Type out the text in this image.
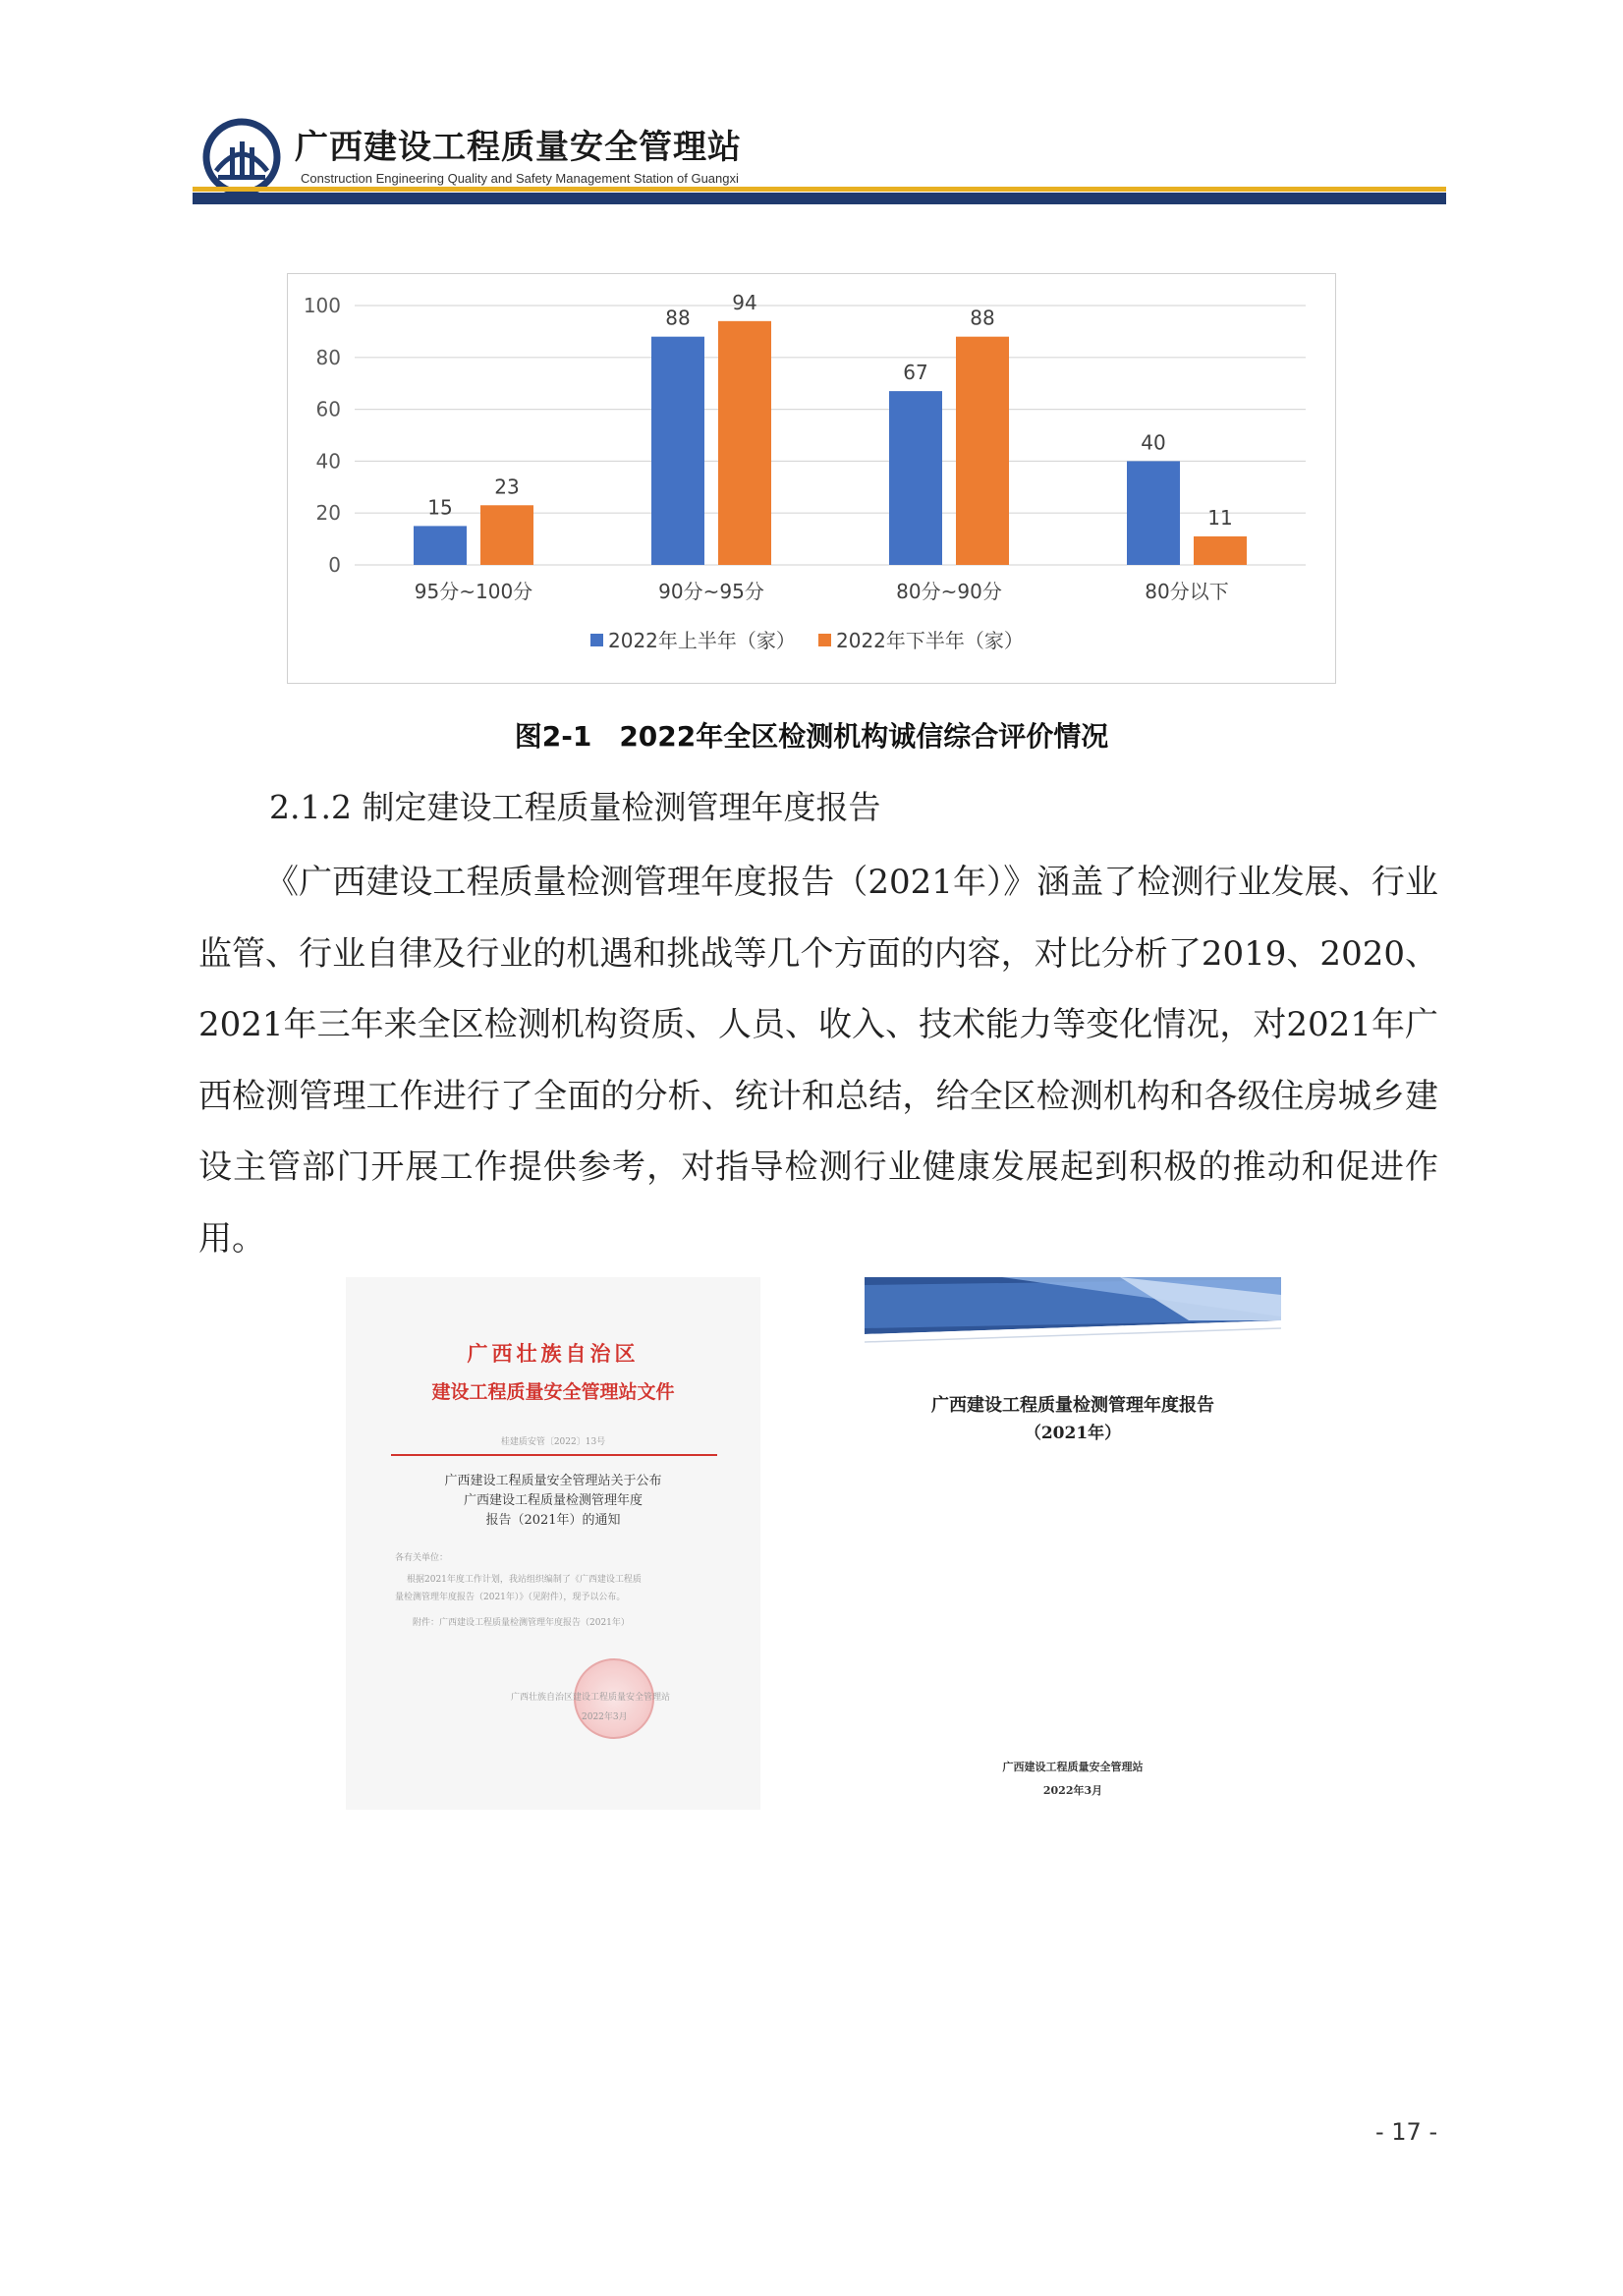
广西建设工程质量安全管理站
Construction Engineering Quality and Safety Management Station of Guangxi
0
20
40
60
80
100
15
23
95分~100分
88
94
90分~95分
67
88
80分~90分
40
11
80分以下
2022年上半年（家） 2022年下半年（家）
图2-1　2022年全区检测机构诚信综合评价情况
2.1.2 制定建设工程质量检测管理年度报告

《广西建设工程质量检测管理年度报告（2021年）》涵盖了检测行业发展、行业监管、行业自律及行业的机遇和挑战等几个方面的内容，对比分析了2019、2020、2021年三年来全区检测机构资质、人员、收入、技术能力等变化情况，对2021年广西检测管理工作进行了全面的分析、统计和总结，给全区检测机构和各级住房城乡建设主管部门开展工作提供参考，对指导检测行业健康发展起到积极的推动和促进作用。

广西壮族自治区
建设工程质量安全管理站文件
桂建质安管〔2022〕13号
广西建设工程质量安全管理站关于公布
广西建设工程质量检测管理年度
报告（2021年）的通知
各有关单位：
根据2021年度工作计划，我站组织编制了《广西建设工程质
量检测管理年度报告（2021年）》（见附件），现予以公布。
附件：广西建设工程质量检测管理年度报告（2021年）
广西壮族自治区建设工程质量安全管理站
2022年3月
广西建设工程质量检测管理年度报告
（2021年）
广西建设工程质量安全管理站
2022年3月
- 17 -
